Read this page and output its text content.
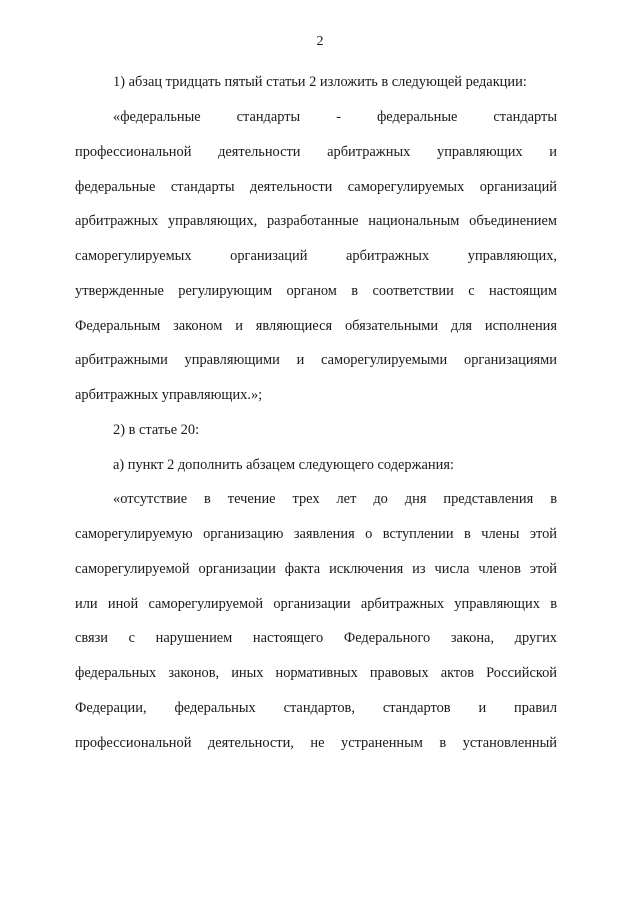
2
1) абзац тридцать пятый статьи 2 изложить в следующей редакции:
«федеральные стандарты - федеральные стандарты
профессиональной деятельности арбитражных управляющих и
федеральные стандарты деятельности саморегулируемых организаций
арбитражных управляющих, разработанные национальным объединением
саморегулируемых организаций арбитражных управляющих,
утвержденные регулирующим органом в соответствии с настоящим
Федеральным законом и являющиеся обязательными для исполнения
арбитражными управляющими и саморегулируемыми организациями
арбитражных управляющих.»;
2) в статье 20:
а) пункт 2 дополнить абзацем следующего содержания:
«отсутствие в течение трех лет до дня представления в
саморегулируемую организацию заявления о вступлении в члены этой
саморегулируемой организации факта исключения из числа членов этой
или иной саморегулируемой организации арбитражных управляющих в
связи с нарушением настоящего Федерального закона, других
федеральных законов, иных нормативных правовых актов Российской
Федерации, федеральных стандартов, стандартов и правил
профессиональной деятельности, не устраненным в установленный
